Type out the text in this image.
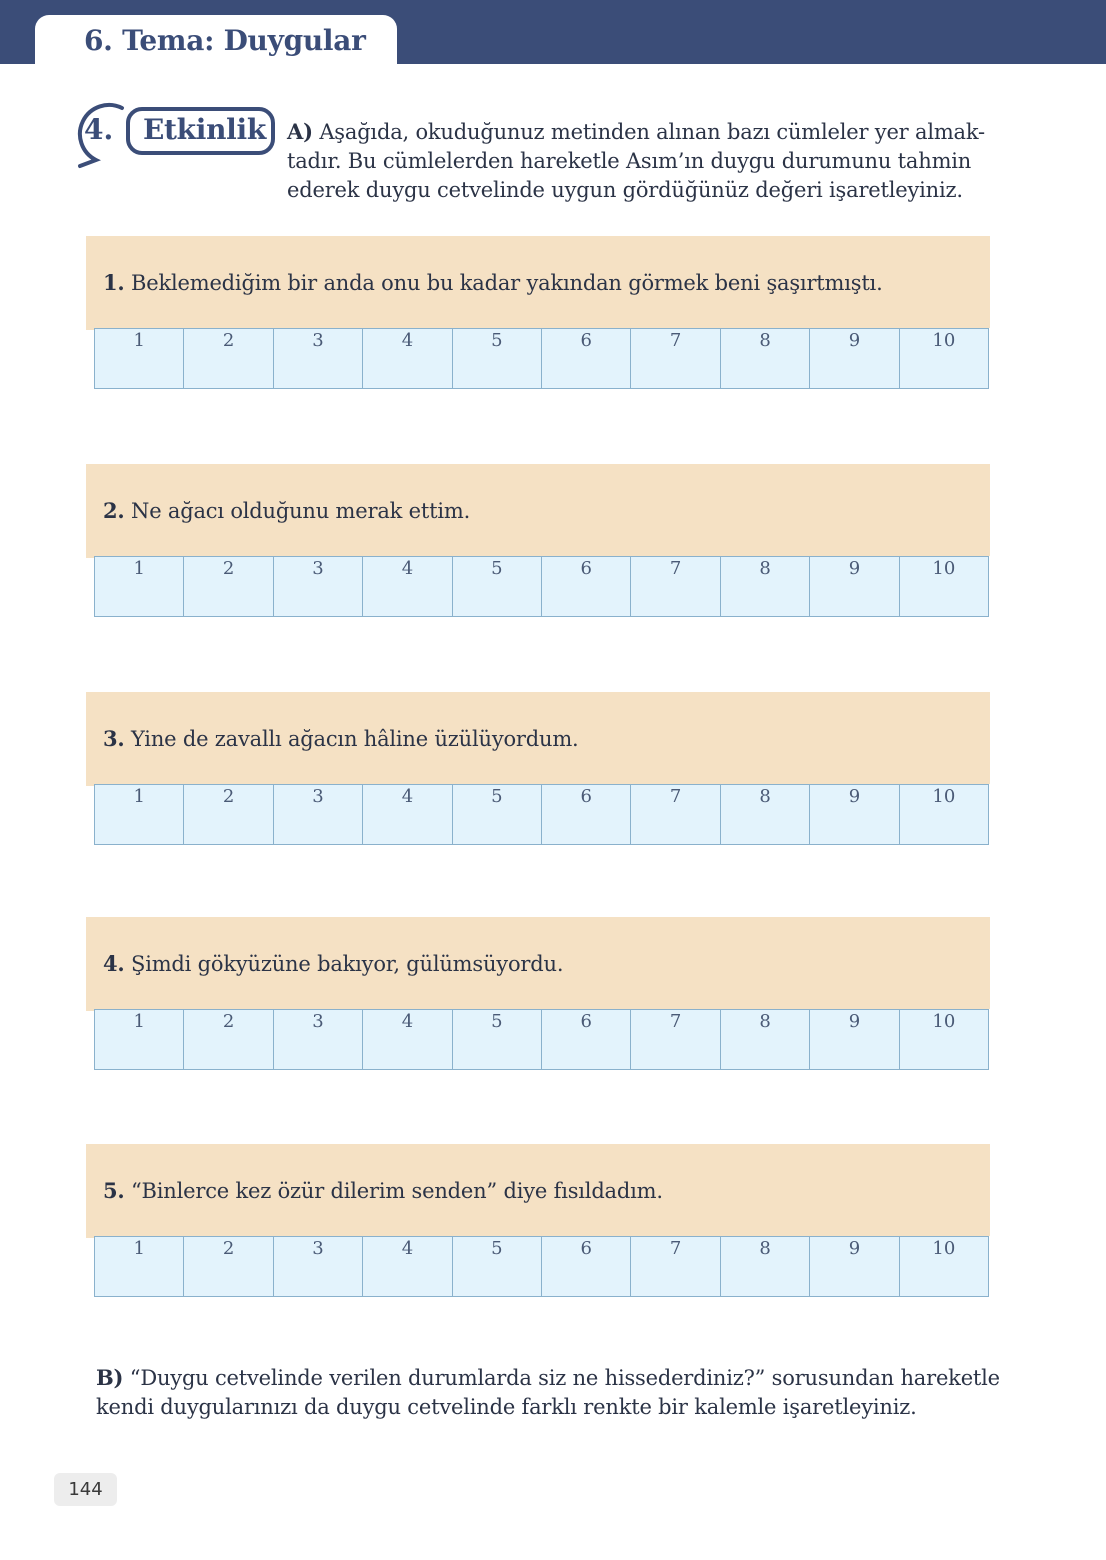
6. Tema: Duygular
4. Etkinlik A) Aşağıda, okuduğunuz metinden alınan bazı cümleler yer almak-
tadır. Bu cümlelerden hareketle Asım’ın duygu durumunu tahmin
ederek duygu cetvelinde uygun gördüğünüz değeri işaretleyiniz.
1. Beklemediğim bir anda onu bu kadar yakından görmek beni şaşırtmıştı.
1	2	3	4	5	6	7	8	9	10
2. Ne ağacı olduğunu merak ettim.
1	2	3	4	5	6	7	8	9	10
3. Yine de zavallı ağacın hâline üzülüyordum.
1	2	3	4	5	6	7	8	9	10
4. Şimdi gökyüzüne bakıyor, gülümsüyordu.
1	2	3	4	5	6	7	8	9	10
5. “Binlerce kez özür dilerim senden” diye fısıldadım.
1	2	3	4	5	6	7	8	9	10
B) “Duygu cetvelinde verilen durumlarda siz ne hissederdiniz?” sorusundan hareketle
kendi duygularınızı da duygu cetvelinde farklı renkte bir kalemle işaretleyiniz.
144
